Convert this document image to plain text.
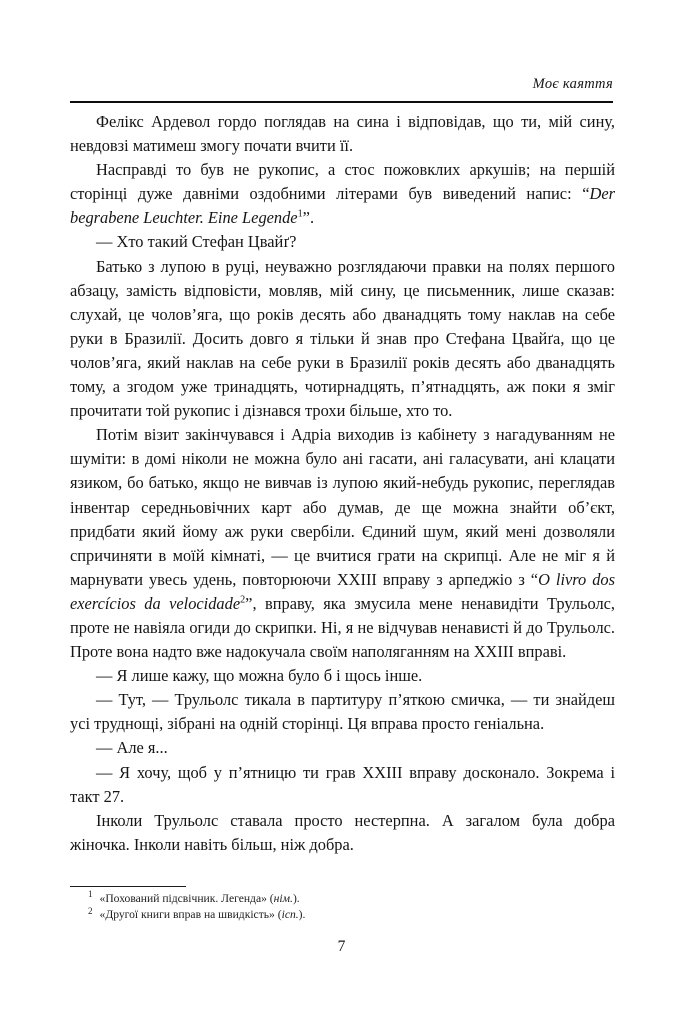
Моє каяття

Фелікс Ардевол гордо поглядав на сина і відповідав, що ти, мій сину, невдовзі матимеш змогу почати вчити її.

Насправді то був не рукопис, а стос пожовклих аркушів; на першій сторінці дуже давніми оздобними літерами був виведений напис: “Der begrabene Leuchter. Eine Legende$^1$”.

— Хто такий Стефан Цвайґ?

Батько з лупою в руці, неуважно розглядаючи правки на полях першого абзацу, замість відповісти, мовляв, мій сину, це письменник, лише сказав: слухай, це чолов’яга, що років десять або дванадцять тому наклав на себе руки в Бразилії. Досить довго я тільки й знав про Стефана Цвайґа, що це чолов’яга, який наклав на себе руки в Бразилії років десять або дванадцять тому, а згодом уже тринадцять, чотирнадцять, п’ятнадцять, аж поки я зміг прочитати той рукопис і дізнався трохи більше, хто то.

Потім візит закінчувався і Адріа виходив із кабінету з нагадуванням не шуміти: в домі ніколи не можна було ані гасати, ані галасувати, ані клацати язиком, бо батько, якщо не вивчав із лупою який-небудь рукопис, переглядав інвентар середньовічних карт або думав, де ще можна знайти об’єкт, придбати який йому аж руки свербіли. Єдиний шум, який мені дозволяли спричиняти в моїй кімнаті, — це вчитися грати на скрипці. Але не міг я й марнувати увесь удень, повторюючи XXIII вправу з арпеджіо з “O livro dos exercícios da velocidade$^2$”, вправу, яка змусила мене ненавидіти Трульолс, проте не навіяла огиди до скрипки. Ні, я не відчував ненависті й до Трульолс. Проте вона надто вже надокучала своїм наполяганням на XXIII вправі.

— Я лише кажу, що можна було б і щось інше.

— Тут, — Трульолс тикала в партитуру п’яткою смичка, — ти знайдеш усі труднощі, зібрані на одній сторінці. Ця вправа просто геніальна.

— Але я...

— Я хочу, щоб у п’ятницю ти грав XXIII вправу досконало. Зокрема і такт 27.

Інколи Трульолс ставала просто нестерпна. А загалом була добра жіночка. Інколи навіть більш, ніж добра.

$^1$ «Похований підсвічник. Легенда» (нім.).
$^2$ «Другої книги вправ на швидкість» (ісп.).
7
